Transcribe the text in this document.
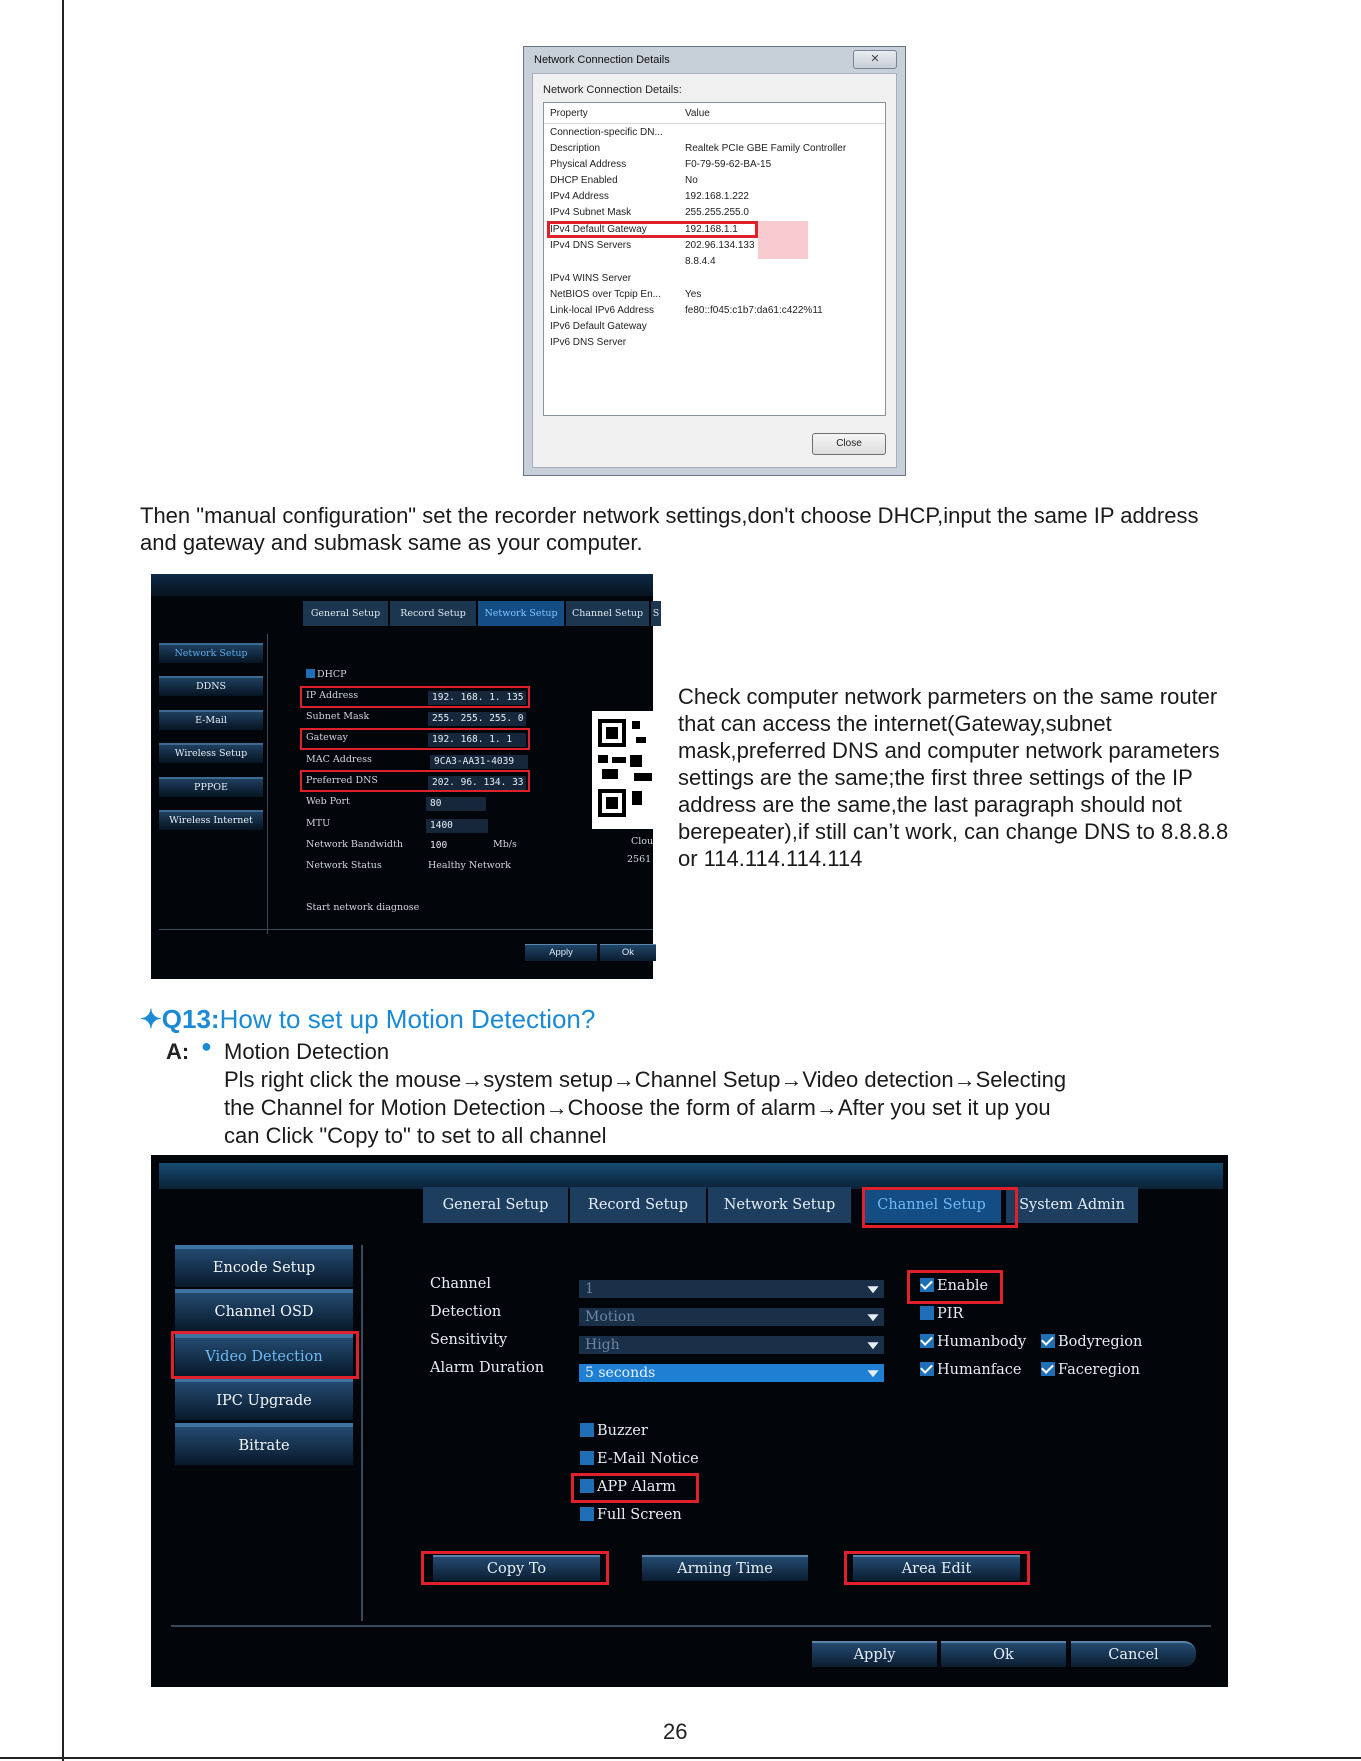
Network Connection Details	✕
Network Connection Details:
Property	Value
Connection-specific DN...
Description	Realtek PCIe GBE Family Controller
Physical Address	F0-79-59-62-BA-15
DHCP Enabled	No
IPv4 Address	192.168.1.222
IPv4 Subnet Mask	255.255.255.0
IPv4 Default Gateway	192.168.1.1
IPv4 DNS Servers	202.96.134.133
8.8.4.4
IPv4 WINS Server
NetBIOS over Tcpip En... Yes
Link-local IPv6 Address	fe80::f045:c1b7:da61:c422%11
IPv6 Default Gateway
IPv6 DNS Server
Close
Then "manual configuration" set the recorder network settings,don't choose DHCP,input the same IP address and gateway and submask same as your computer.
General Setup	Record Setup	Network Setup	Channel Setup	S
Network Setup
DDNS
E-Mail
Wireless Setup
PPPOE
Wireless Internet
DHCP
IP Address	192. 168. 1. 135
Subnet Mask	255. 255. 255. 0
Gateway	192. 168. 1. 1
MAC Address	9CA3-AA31-4039
Preferred DNS	202. 96. 134. 33
Web Port	80
MTU	1400
Network Bandwidth	100	Mb/s
Network Status	Healthy Network
Start network diagnose
Clou
2561
Apply	Ok
Check computer network parmeters on the same router that can access the internet(Gateway,subnet mask,preferred DNS and computer network parameters settings are the same;the first three settings of the IP address are the same,the last paragraph should not berepeater),if still can’t work, can change DNS to 8.8.8.8 or 114.114.114.114
✦Q13:How to set up Motion Detection?
A: ● Motion Detection
Pls right click the mouse→system setup→Channel Setup→Video detection→Selecting
the Channel for Motion Detection→Choose the form of alarm→After you set it up you
can Click "Copy to" to set to all channel
General Setup	Record Setup	Network Setup	Channel Setup	System Admin
Encode Setup
Channel OSD
Video Detection
IPC Upgrade
Bitrate
Channel	1
Detection	Motion
Sensitivity	High
Alarm Duration	5 seconds
Enable
PIR
Humanbody	Bodyregion
Humanface	Faceregion
Buzzer
E-Mail Notice
APP Alarm
Full Screen
Copy To	Arming Time	Area Edit
Apply	Ok	Cancel
26
